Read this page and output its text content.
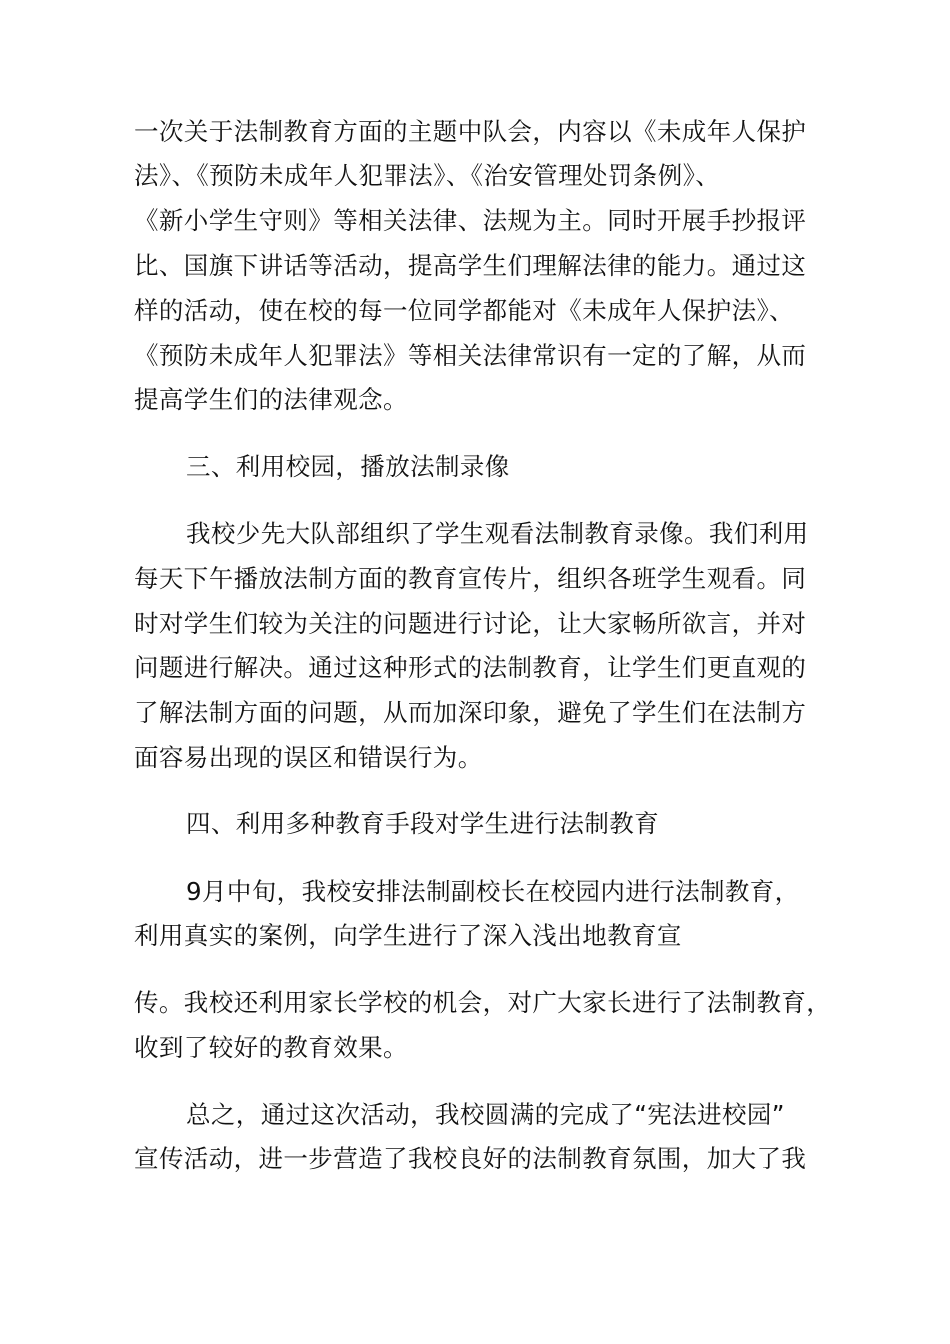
一次关于法制教育方面的主题中队会，内容以《未成年人保护
法》、《预防未成年人犯罪法》、《治安管理处罚条例》、
《新小学生守则》等相关法律、法规为主。同时开展手抄报评
比、国旗下讲话等活动，提高学生们理解法律的能力。通过这
样的活动，使在校的每一位同学都能对《未成年人保护法》、
《预防未成年人犯罪法》等相关法律常识有一定的了解，从而
提高学生们的法律观念。
三、利用校园，播放法制录像
我校少先大队部组织了学生观看法制教育录像。我们利用
每天下午播放法制方面的教育宣传片，组织各班学生观看。同
时对学生们较为关注的问题进行讨论，让大家畅所欲言，并对
问题进行解决。通过这种形式的法制教育，让学生们更直观的
了解法制方面的问题，从而加深印象，避免了学生们在法制方
面容易出现的误区和错误行为。
四、利用多种教育手段对学生进行法制教育
9月中旬，我校安排法制副校长在校园内进行法制教育，
利用真实的案例，向学生进行了深入浅出地教育宣
传。我校还利用家长学校的机会，对广大家长进行了法制教育，
收到了较好的教育效果。
总之，通过这次活动，我校圆满的完成了“宪法进校园”
宣传活动，进一步营造了我校良好的法制教育氛围，加大了我
